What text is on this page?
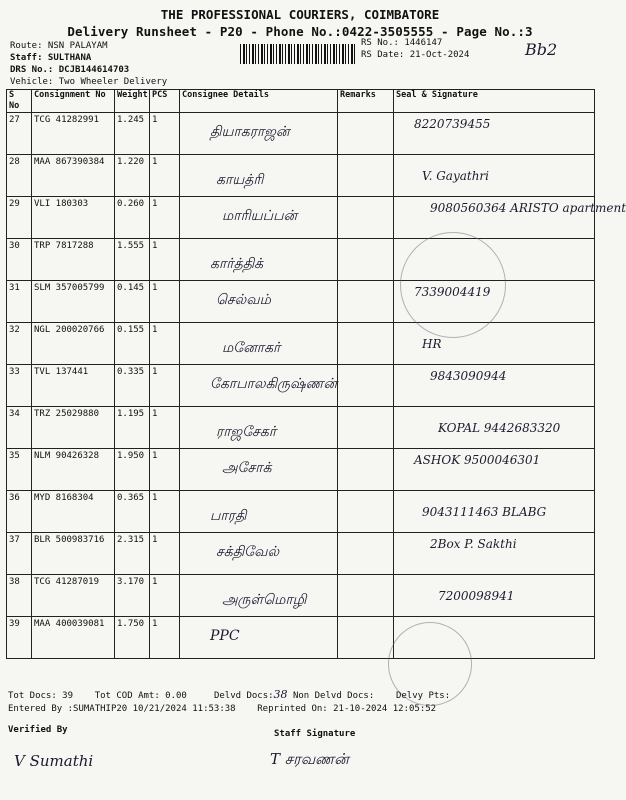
THE PROFESSIONAL COURIERS, COIMBATORE
Delivery Runsheet - P20 - Phone No.:0422-3505555 - Page No.:3
Route: NSN PALAYAM
Staff: SULTHANA
DRS No.: DCJB144614703
Vehicle: Two Wheeler Delivery
RS No.: 1446147
RS Date: 21-Oct-2024	Bb2
S No	Consignment No	Weight	PCS	Consignee Details	Remarks	Seal & Signature
27	TCG 41282991	1.245	1	தியாகராஜன்		8220739455
28	MAA 867390384	1.220	1	காயத்ரி		V. Gayathri
29	VLI 180303	0.260	1	மாரியப்பன்		9080560364 ARISTO apartment
30	TRP 7817288	1.555	1	கார்த்திக்		
31	SLM 357005799	0.145	1	செல்வம்		7339004419
32	NGL 200020766	0.155	1	மனோகர்		HR
33	TVL 137441	0.335	1	கோபாலகிருஷ்ணன்		9843090944
34	TRZ 25029880	1.195	1	ராஜசேகர்		KOPAL 9442683320
35	NLM 90426328	1.950	1	அசோக்		ASHOK 9500046301
36	MYD 8168304	0.365	1	பாரதி		9043111463 BLABG
37	BLR 500983716	2.315	1	சக்திவேல்		2Box P. Sakthi
38	TCG 41287019	3.170	1	அருள்மொழி		7200098941
39	MAA 400039081	1.750	1	PPC		
Tot Docs: 39 Tot COD Amt: 0.00	Delvd Docs:38 Non Delvd Docs: Delvy Pts:
Entered By :SUMATHIP20 10/21/2024 11:53:38 Reprinted On: 21-10-2024 12:05:52
Verified By	Staff Signature
V Sumathi	T சரவணன்
